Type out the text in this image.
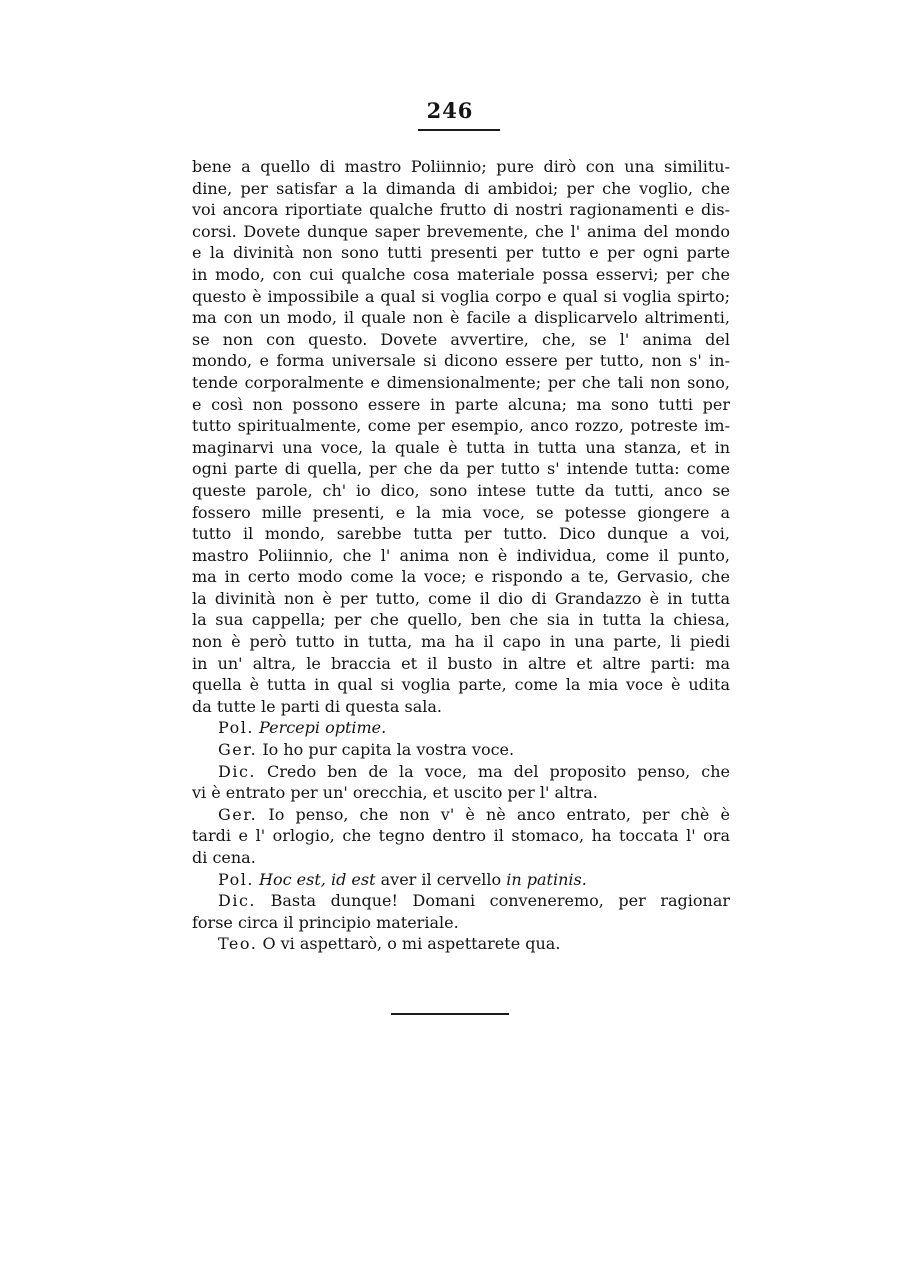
246
bene a quello di mastro Poliinnio; pure dirò con una similitu-
dine, per satisfar a la dimanda di ambidoi; per che voglio, che
voi ancora riportiate qualche frutto di nostri ragionamenti e dis-
corsi. Dovete dunque saper brevemente, che l' anima del mondo
e la divinità non sono tutti presenti per tutto e per ogni parte
in modo, con cui qualche cosa materiale possa esservi; per che
questo è impossibile a qual si voglia corpo e qual si voglia spirto;
ma con un modo, il quale non è facile a displicarvelo altrimenti,
se non con questo. Dovete avvertire, che, se l' anima del
mondo, e forma universale si dicono essere per tutto, non s' in-
tende corporalmente e dimensionalmente; per che tali non sono,
e così non possono essere in parte alcuna; ma sono tutti per
tutto spiritualmente, come per esempio, anco rozzo, potreste im-
maginarvi una voce, la quale è tutta in tutta una stanza, et in
ogni parte di quella, per che da per tutto s' intende tutta: come
queste parole, ch' io dico, sono intese tutte da tutti, anco se
fossero mille presenti, e la mia voce, se potesse giongere a
tutto il mondo, sarebbe tutta per tutto. Dico dunque a voi,
mastro Poliinnio, che l' anima non è individua, come il punto,
ma in certo modo come la voce; e rispondo a te, Gervasio, che
la divinità non è per tutto, come il dio di Grandazzo è in tutta
la sua cappella; per che quello, ben che sia in tutta la chiesa,
non è però tutto in tutta, ma ha il capo in una parte, li piedi
in un' altra, le braccia et il busto in altre et altre parti: ma
quella è tutta in qual si voglia parte, come la mia voce è udita
da tutte le parti di questa sala.
Pol. Percepi optime.
Ger. Io ho pur capita la vostra voce.
Dic. Credo ben de la voce, ma del proposito penso, che
vi è entrato per un' orecchia, et uscito per l' altra.
Ger. Io penso, che non v' è nè anco entrato, per chè è
tardi e l' orlogio, che tegno dentro il stomaco, ha toccata l' ora
di cena.
Pol. Hoc est, id est aver il cervello in patinis.
Dic. Basta dunque! Domani conveneremo, per ragionar
forse circa il principio materiale.
Teo. O vi aspettarò, o mi aspettarete qua.
